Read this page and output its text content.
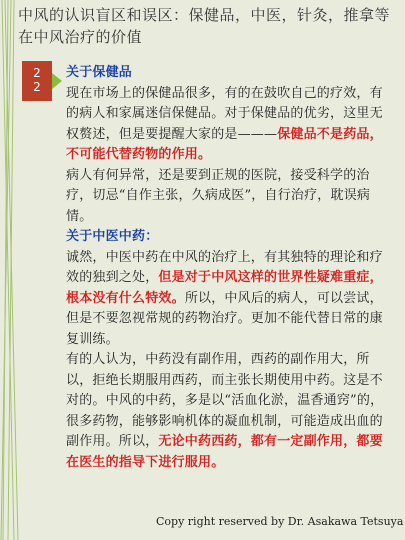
中风的认识盲区和误区：保健品，中医，针灸，推拿等在中风治疗的价值
2
2

关于保健品

现在市场上的保健品很多，有的在鼓吹自己的疗效，有的病人和家属迷信保健品。对于保健品的优劣，这里无权赘述，但是要提醒大家的是———保健品不是药品，不可能代替药物的作用。

病人有何异常，还是要到正规的医院，接受科学的治疗，切忌“自作主张，久病成医”，自行治疗，耽误病情。

关于中医中药：

诚然，中医中药在中风的治疗上，有其独特的理论和疗效的独到之处，但是对于中风这样的世界性疑难重症，根本没有什么特效。所以，中风后的病人，可以尝试，但是不要忽视常规的药物治疗。更加不能代替日常的康复训练。

有的人认为，中药没有副作用，西药的副作用大，所以，拒绝长期服用西药，而主张长期使用中药。这是不对的。中风的中药，多是以“活血化淤，温香通窍”的，很多药物，能够影响机体的凝血机制，可能造成出血的副作用。所以，无论中药西药，都有一定副作用，都要在医生的指导下进行服用。

Copy right reserved by Dr. Asakawa Tetsuya
